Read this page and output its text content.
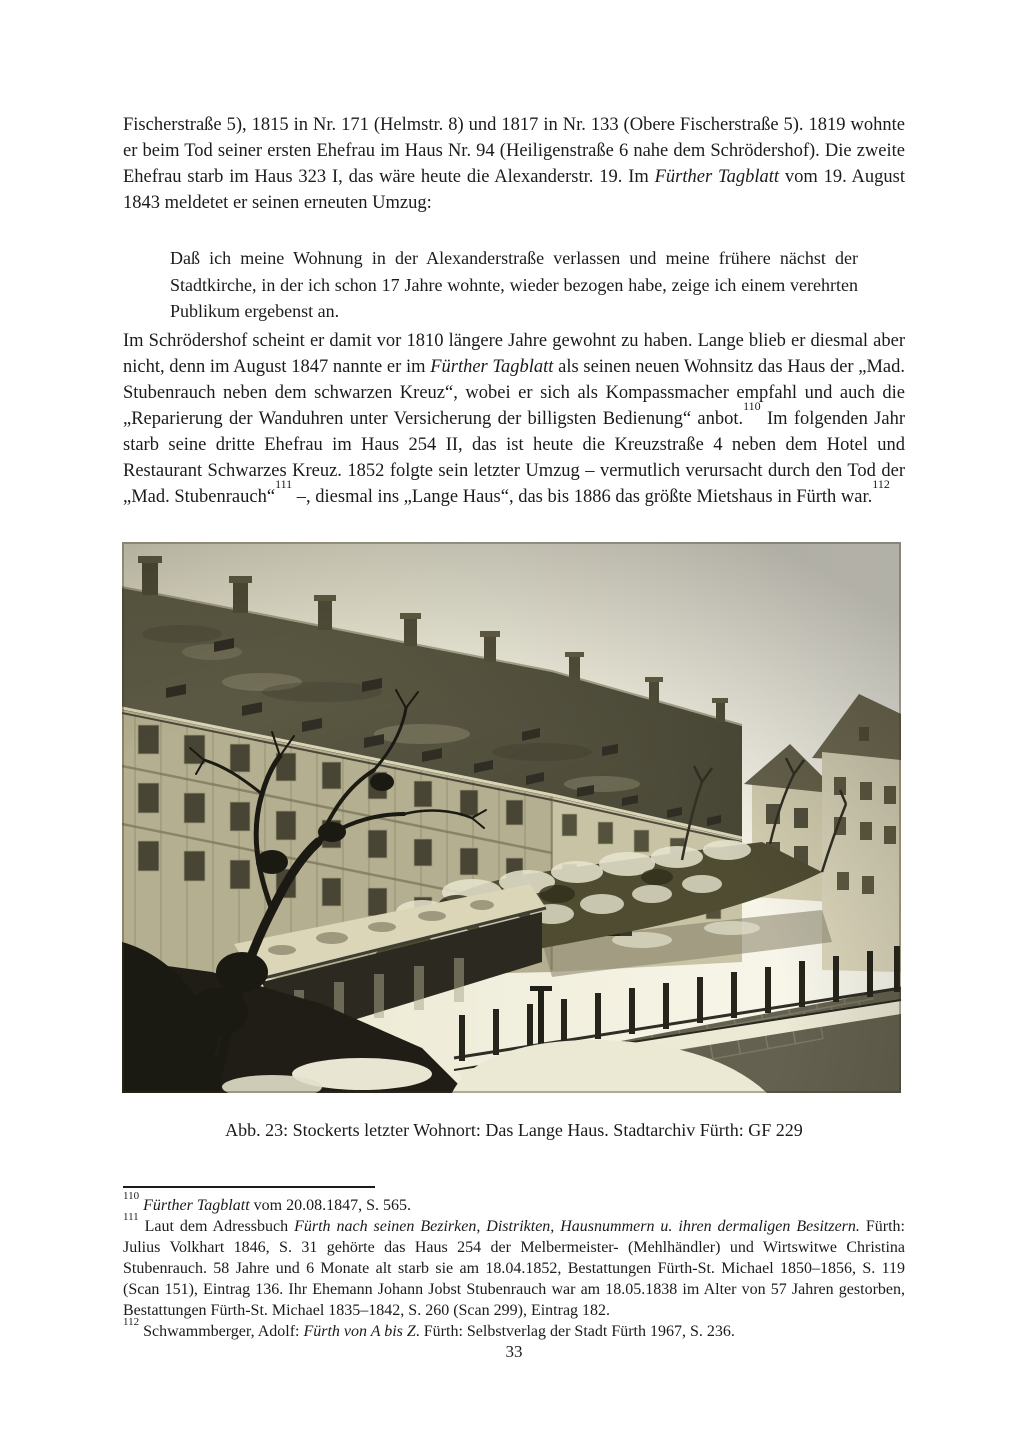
Fischerstraße 5), 1815 in Nr. 171 (Helmstr. 8) und 1817 in Nr. 133 (Obere Fischerstraße 5). 1819 wohnte er beim Tod seiner ersten Ehefrau im Haus Nr. 94 (Heiligenstraße 6 nahe dem Schrödershof). Die zweite Ehefrau starb im Haus 323 I, das wäre heute die Alexanderstr. 19. Im Fürther Tagblatt vom 19. August 1843 meldetet er seinen erneuten Umzug:
Daß ich meine Wohnung in der Alexanderstraße verlassen und meine frühere nächst der Stadtkirche, in der ich schon 17 Jahre wohnte, wieder bezogen habe, zeige ich einem verehrten Publikum ergebenst an.
Im Schrödershof scheint er damit vor 1810 längere Jahre gewohnt zu haben. Lange blieb er diesmal aber nicht, denn im August 1847 nannte er im Fürther Tagblatt als seinen neuen Wohnsitz das Haus der „Mad. Stubenrauch neben dem schwarzen Kreuz“, wobei er sich als Kompassmacher empfahl und auch die „Reparierung der Wanduhren unter Versicherung der billigsten Bedienung“ anbot.$^{110}$ Im folgenden Jahr starb seine dritte Ehefrau im Haus 254 II, das ist heute die Kreuzstraße 4 neben dem Hotel und Restaurant Schwarzes Kreuz. 1852 folgte sein letzter Umzug – vermutlich verursacht durch den Tod der „Mad. Stubenrauch“$^{111}$ –, diesmal ins „Lange Haus“, das bis 1886 das größte Mietshaus in Fürth war.$^{112}$
Abb. 23: Stockerts letzter Wohnort: Das Lange Haus. Stadtarchiv Fürth: GF 229

$^{110}$ Fürther Tagblatt vom 20.08.1847, S. 565.

$^{111}$ Laut dem Adressbuch Fürth nach seinen Bezirken, Distrikten, Hausnummern u. ihren dermaligen Besitzern. Fürth: Julius Volkhart 1846, S. 31 gehörte das Haus 254 der Melbermeister- (Mehlhändler) und Wirtswitwe Christina Stubenrauch. 58 Jahre und 6 Monate alt starb sie am 18.04.1852, Bestattungen Fürth-St. Michael 1850–1856, S. 119 (Scan 151), Eintrag 136. Ihr Ehemann Johann Jobst Stubenrauch war am 18.05.1838 im Alter von 57 Jahren gestorben, Bestattungen Fürth-St. Michael 1835–1842, S. 260 (Scan 299), Eintrag 182.

$^{112}$ Schwammberger, Adolf: Fürth von A bis Z. Fürth: Selbstverlag der Stadt Fürth 1967, S. 236.

33
